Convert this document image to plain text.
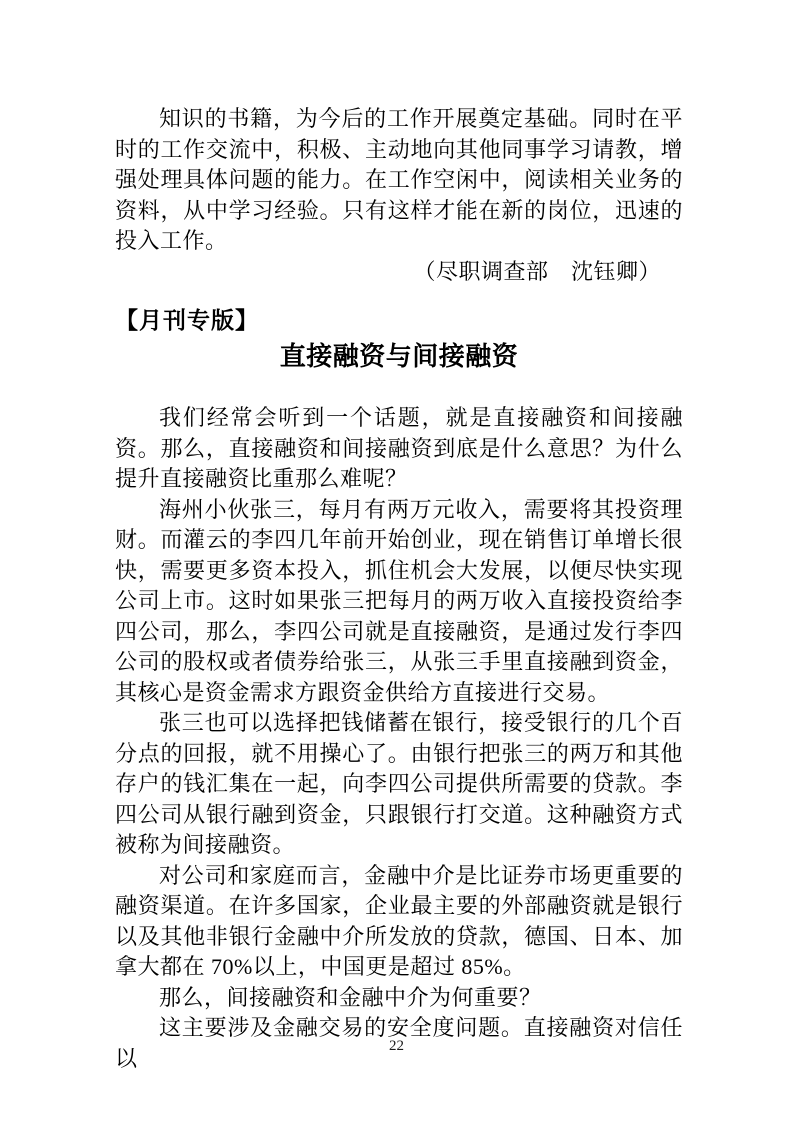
知识的书籍，为今后的工作开展奠定基础。同时在平时的工作交流中，积极、主动地向其他同事学习请教，增强处理具体问题的能力。在工作空闲中，阅读相关业务的资料，从中学习经验。只有这样才能在新的岗位，迅速的投入工作。

（尽职调查部　沈钰卿）

【月刊专版】
直接融资与间接融资

我们经常会听到一个话题，就是直接融资和间接融资。那么，直接融资和间接融资到底是什么意思？为什么提升直接融资比重那么难呢？

海州小伙张三，每月有两万元收入，需要将其投资理财。而灌云的李四几年前开始创业，现在销售订单增长很快，需要更多资本投入，抓住机会大发展，以便尽快实现公司上市。这时如果张三把每月的两万收入直接投资给李四公司，那么，李四公司就是直接融资，是通过发行李四公司的股权或者债券给张三，从张三手里直接融到资金，其核心是资金需求方跟资金供给方直接进行交易。

张三也可以选择把钱储蓄在银行，接受银行的几个百分点的回报，就不用操心了。由银行把张三的两万和其他存户的钱汇集在一起，向李四公司提供所需要的贷款。李四公司从银行融到资金，只跟银行打交道。这种融资方式被称为间接融资。

对公司和家庭而言，金融中介是比证券市场更重要的融资渠道。在许多国家，企业最主要的外部融资就是银行以及其他非银行金融中介所发放的贷款，德国、日本、加拿大都在 70%以上，中国更是超过 85%。

那么，间接融资和金融中介为何重要？

这主要涉及金融交易的安全度问题。直接融资对信任以	22
